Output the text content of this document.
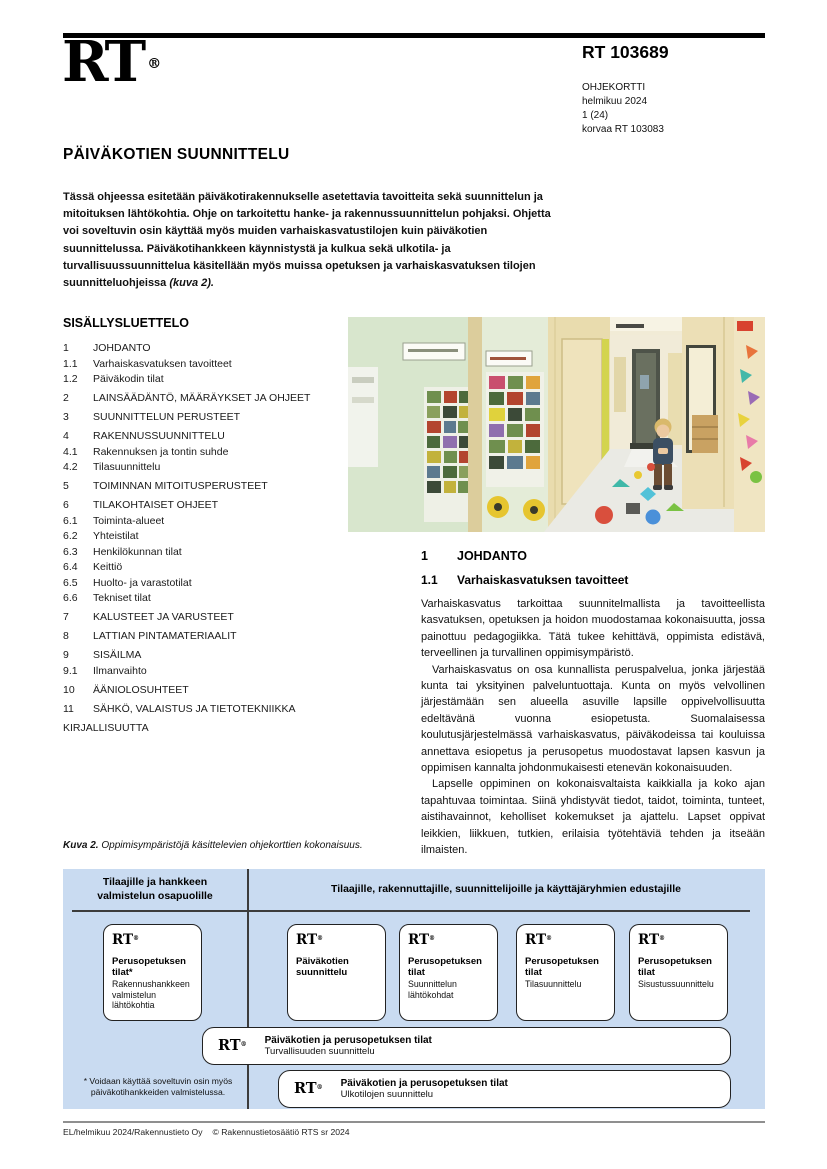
RT ®
RT 103689
OHJEKORTTI
helmikuu 2024
1 (24)
korvaa RT 103083
PÄIVÄKOTIEN SUUNNITTELU
Tässä ohjeessa esitetään päiväkotirakennukselle asetettavia tavoitteita sekä suunnittelun ja mitoituksen lähtökohtia. Ohje on tarkoitettu hanke- ja rakennussuunnittelun pohjaksi. Ohjetta voi soveltuvin osin käyttää myös muiden varhaiskasvatustilojen kuin päiväkotien suunnittelussa. Päiväkotihankkeen käynnistystä ja kulkua sekä ulkotila- ja turvallisuussuunnittelua käsitellään myös muissa opetuksen ja varhaiskasvatuksen tilojen suunnitteluohjeissa (kuva 2).
SISÄLLYSLUETTELO
1	JOHDANTO
1.1	Varhaiskasvatuksen tavoitteet
1.2	Päiväkodin tilat
2	LAINSÄÄDÄNTÖ, MÄÄRÄYKSET JA OHJEET
3	SUUNNITTELUN PERUSTEET
4	RAKENNUSSUUNNITTELU
4.1	Rakennuksen ja tontin suhde
4.2	Tilasuunnittelu
5	TOIMINNAN MITOITUSPERUSTEET
6	TILAKOHTAISET OHJEET
6.1	Toiminta-alueet
6.2	Yhteistilat
6.3	Henkilökunnan tilat
6.4	Keittiö
6.5	Huolto- ja varastotilat
6.6	Tekniset tilat
7	KALUSTEET JA VARUSTEET
8	LATTIAN PINTAMATERIAALIT
9	SISÄILMA
9.1	Ilmanvaihto
10	ÄÄNIOLOSUHTEET
11	SÄHKÖ, VALAISTUS JA TIETOTEKNIIKKA
KIRJALLISUUTTA
1	JOHDANTO
1.1	Varhaiskasvatuksen tavoitteet

Varhaiskasvatus tarkoittaa suunnitelmallista ja tavoitteellista kasvatuksen, opetuksen ja hoidon muodostamaa kokonaisuutta, jossa painottuu pedagogiikka. Tätä tukee kehittävä, oppimista edistävä, terveellinen ja turvallinen oppimisympäristö.

Varhaiskasvatus on osa kunnallista peruspalvelua, jonka järjestää kunta tai yksityinen palveluntuottaja. Kunta on myös velvollinen järjestämään sen alueella asuville lapsille oppivelvollisuutta edeltävänä vuonna esiopetusta. Suomalaisessa koulutusjärjestelmässä varhaiskasvatus, päiväkodeissa tai kouluissa annettava esiopetus ja perusopetus muodostavat lapsen kasvun ja oppimisen kannalta johdonmukaisesti etenevän kokonaisuuden.

Lapselle oppiminen on kokonaisvaltaista kaikkialla ja koko ajan tapahtuvaa toimintaa. Siinä yhdistyvät tiedot, taidot, toiminta, tunteet, aistihavainnot, keholliset kokemukset ja ajattelu. Lapset oppivat leikkien, liikkuen, tutkien, erilaisia työtehtäviä tehden ja itseään ilmaisten.

Kuva 2. Oppimisympäristöjä käsittelevien ohjekorttien kokonaisuus.
Tilaajille ja hankkeen valmistelun osapuolille
Tilaajille, rakennuttajille, suunnittelijoille ja käyttäjäryhmien edustajille
RT®
Perusopetuksen tilat*
Rakennushankkeen valmistelun lähtökohtia
RT®
Päiväkotien suunnittelu
RT®
Perusopetuksen tilat
Suunnittelun lähtökohdat
RT®
Perusopetuksen tilat
Tilasuunnittelu
RT®
Perusopetuksen tilat
Sisustussuunnittelu
RT® Päiväkotien ja perusopetuksen tilat
Turvallisuuden suunnittelu
RT® Päiväkotien ja perusopetuksen tilat
Ulkotilojen suunnittelu
* Voidaan käyttää soveltuvin osin myös
päiväkotihankkeiden valmistelussa.
EL/helmikuu 2024/Rakennustieto Oy © Rakennustietosäätiö RTS sr 2024
